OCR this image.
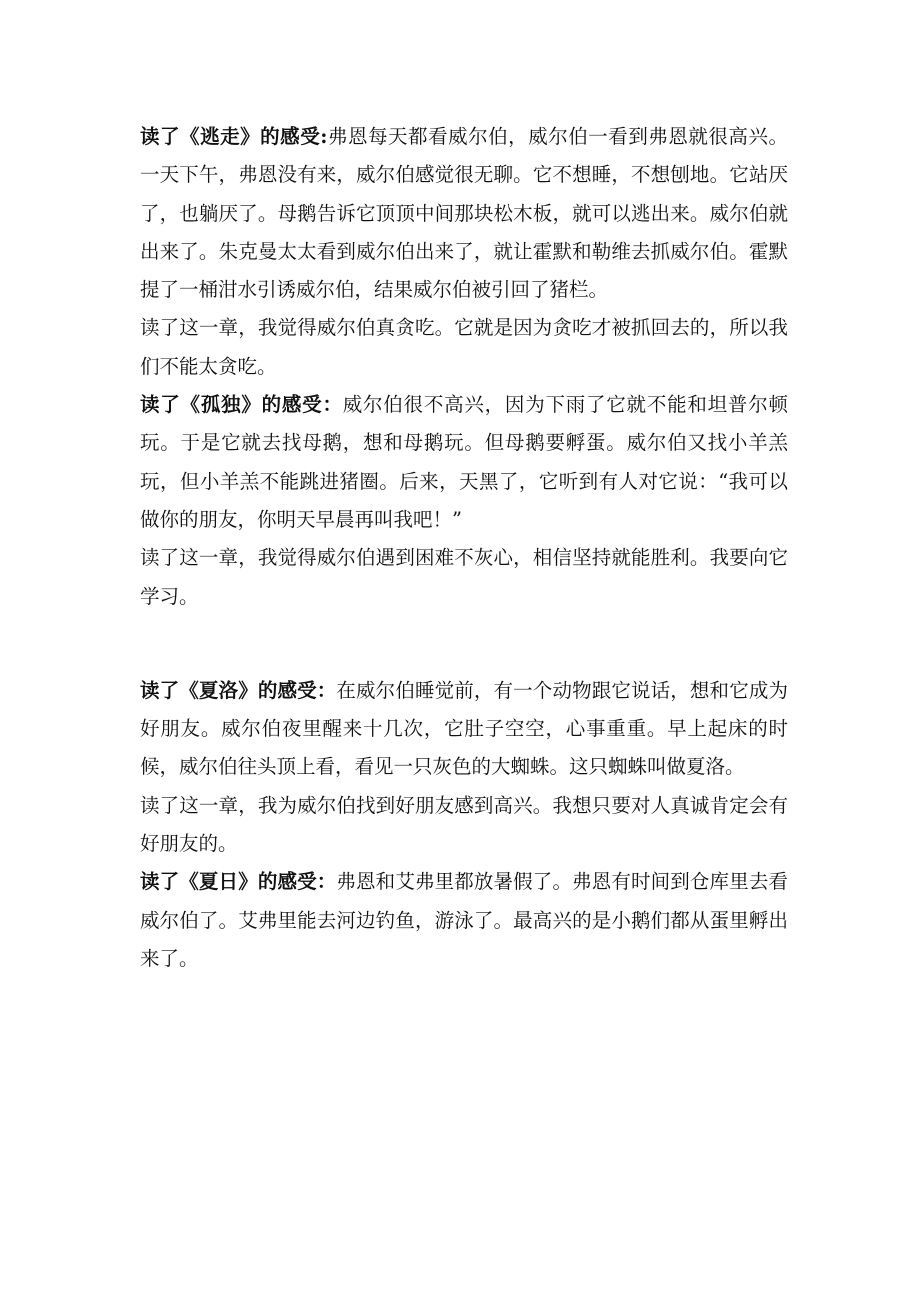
读了《逃走》的感受:弗恩每天都看威尔伯，威尔伯一看到弗恩就很高兴。一天下午，弗恩没有来，威尔伯感觉很无聊。它不想睡，不想刨地。它站厌了，也躺厌了。母鹅告诉它顶顶中间那块松木板，就可以逃出来。威尔伯就出来了。朱克曼太太看到威尔伯出来了，就让霍默和勒维去抓威尔伯。霍默提了一桶泔水引诱威尔伯，结果威尔伯被引回了猪栏。

读了这一章，我觉得威尔伯真贪吃。它就是因为贪吃才被抓回去的，所以我们不能太贪吃。

读了《孤独》的感受：威尔伯很不高兴，因为下雨了它就不能和坦普尔顿玩。于是它就去找母鹅，想和母鹅玩。但母鹅要孵蛋。威尔伯又找小羊羔玩，但小羊羔不能跳进猪圈。后来，天黑了，它听到有人对它说：“我可以做你的朋友，你明天早晨再叫我吧！”

读了这一章，我觉得威尔伯遇到困难不灰心，相信坚持就能胜利。我要向它学习。

读了《夏洛》的感受：在威尔伯睡觉前，有一个动物跟它说话，想和它成为好朋友。威尔伯夜里醒来十几次，它肚子空空，心事重重。早上起床的时候，威尔伯往头顶上看，看见一只灰色的大蜘蛛。这只蜘蛛叫做夏洛。

读了这一章，我为威尔伯找到好朋友感到高兴。我想只要对人真诚肯定会有好朋友的。

读了《夏日》的感受：弗恩和艾弗里都放暑假了。弗恩有时间到仓库里去看威尔伯了。艾弗里能去河边钓鱼，游泳了。最高兴的是小鹅们都从蛋里孵出来了。
